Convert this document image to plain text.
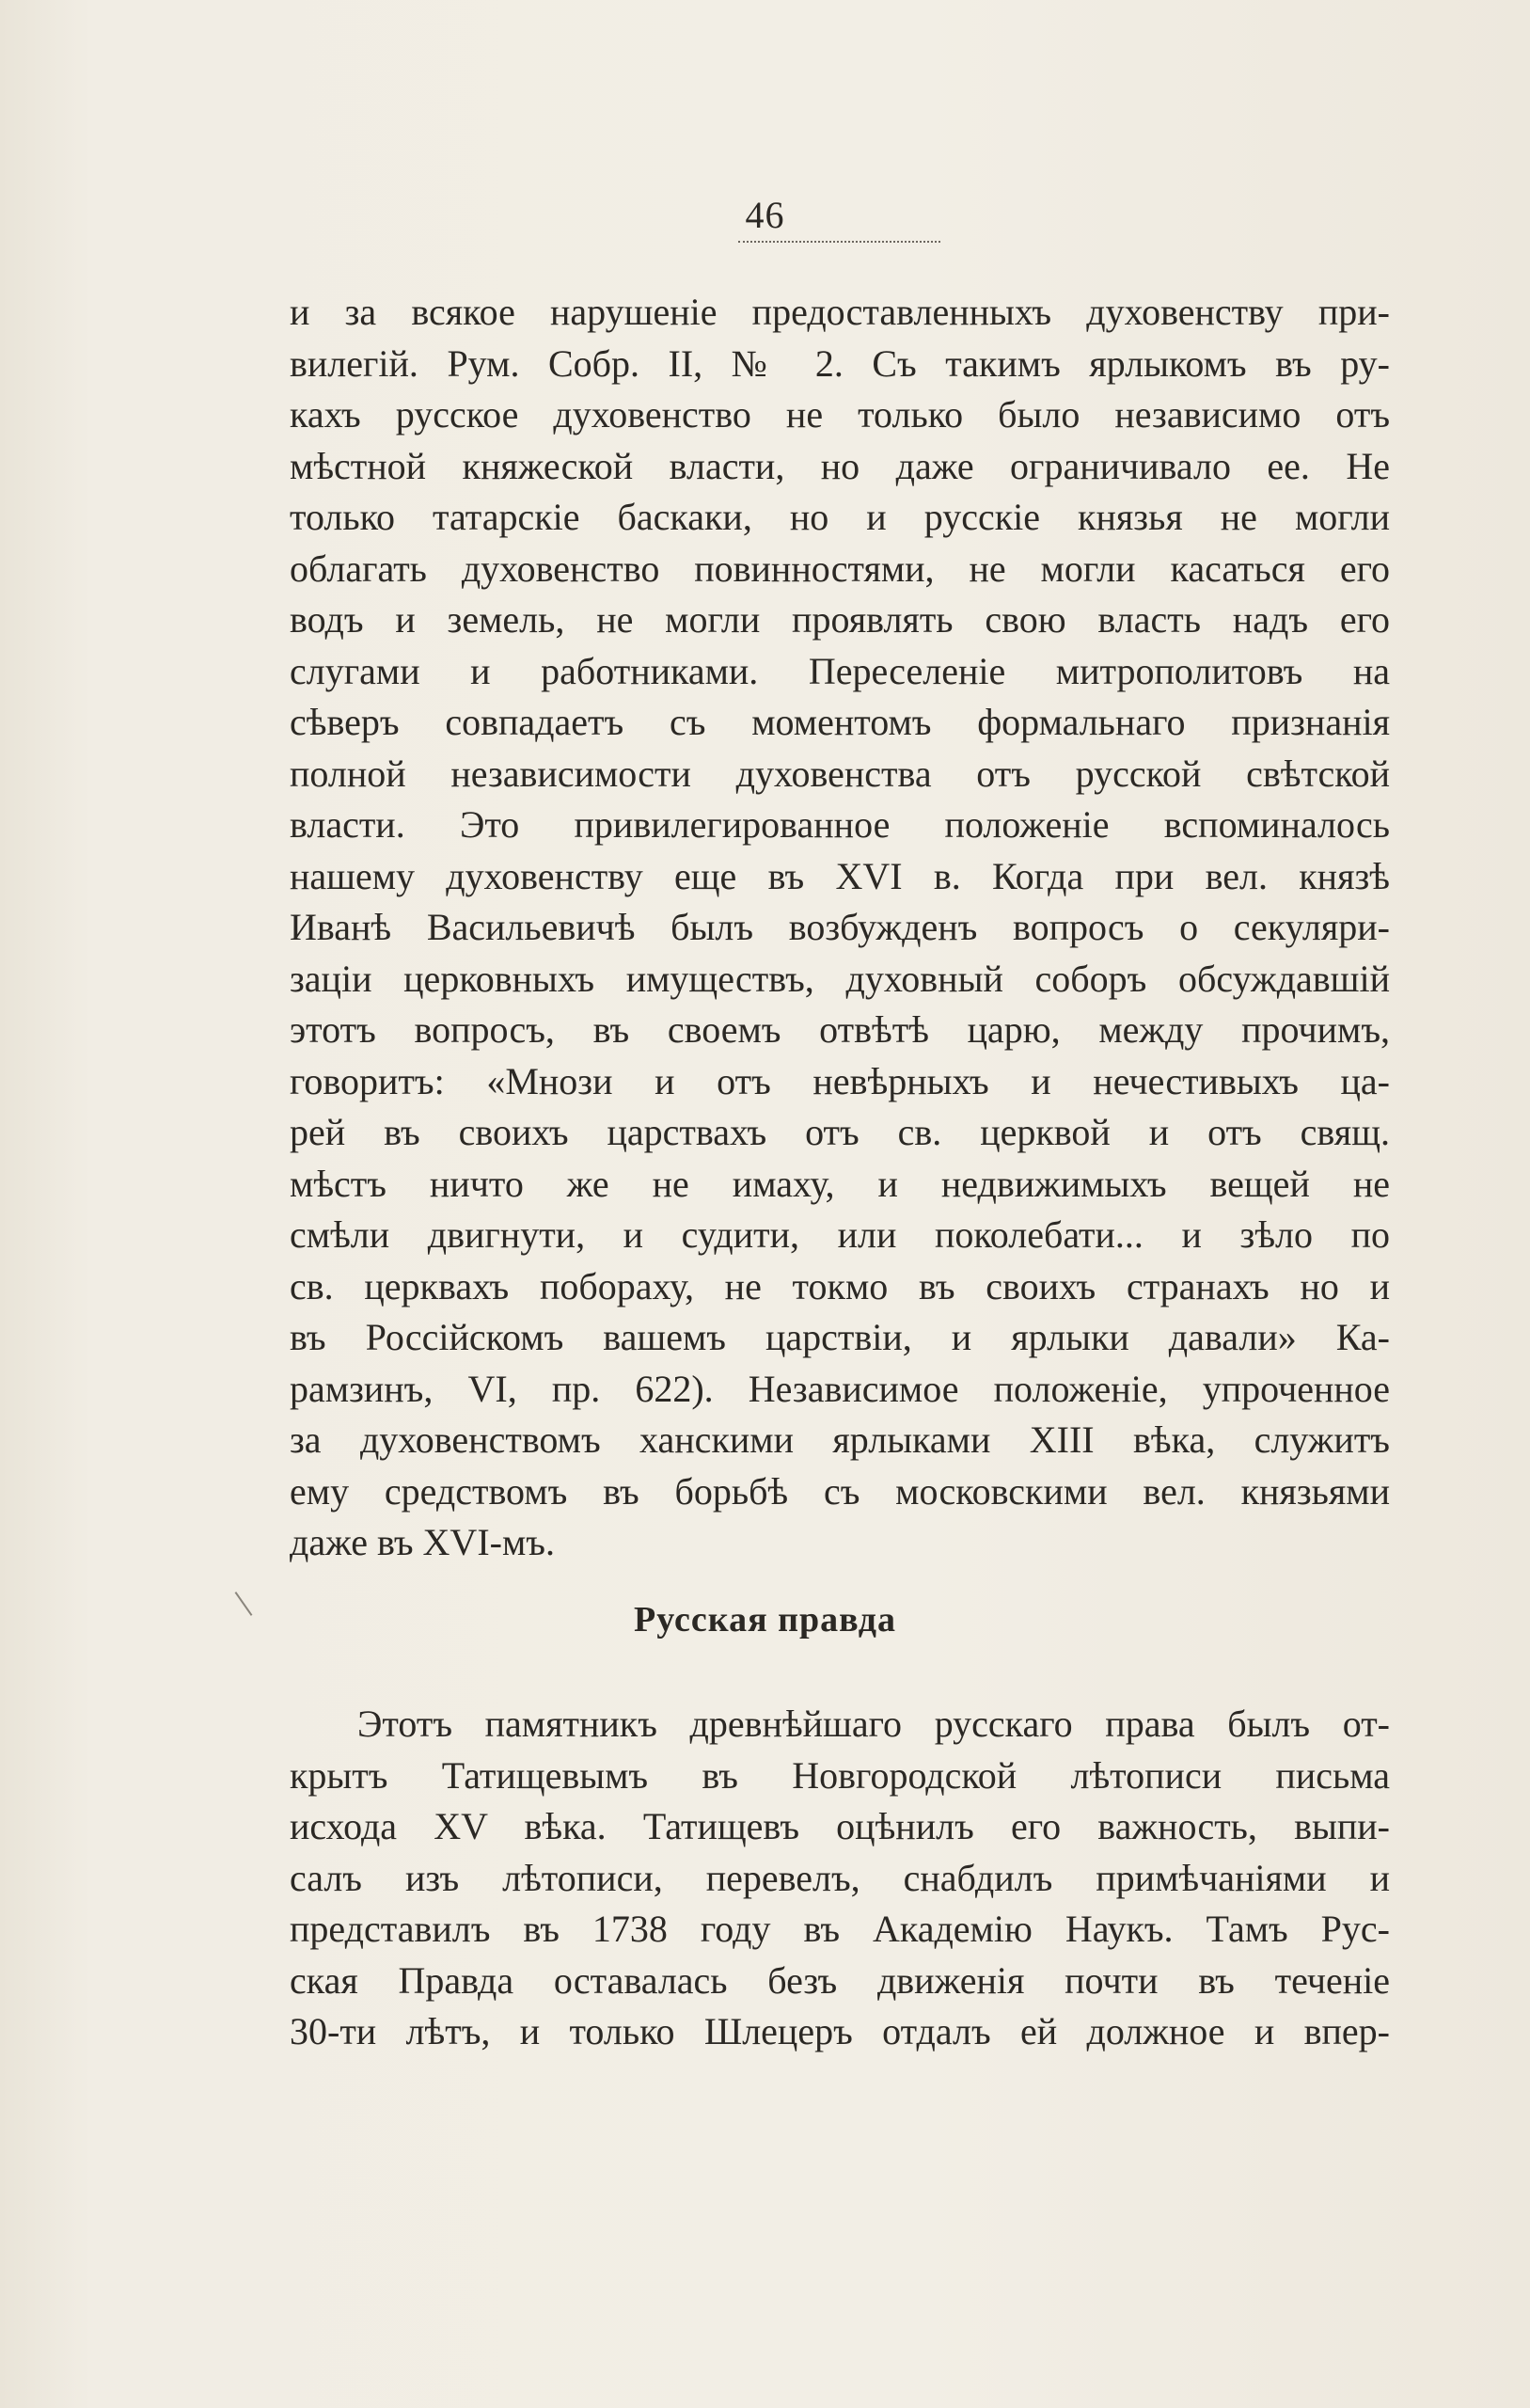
46
и за всякое нарушеніе предоставленныхъ духовенству при-
вилегій. Рум. Собр. II, № 2. Съ такимъ ярлыкомъ въ ру-
кахъ русское духовенство не только было независимо отъ
мѣстной княжеской власти, но даже ограничивало ее. Не
только татарскіе баскаки, но и русскіе князья не могли
облагать духовенство повинностями, не могли касаться его
водъ и земель, не могли проявлять свою власть надъ его
слугами и работниками. Переселеніе митрополитовъ на
сѣверъ совпадаетъ съ моментомъ формальнаго признанія
полной независимости духовенства отъ русской свѣтской
власти. Это привилегированное положеніе вспоминалось
нашему духовенству еще въ XVI в. Когда при вел. князѣ
Иванѣ Васильевичѣ былъ возбужденъ вопросъ о секуляри-
заціи церковныхъ имуществъ, духовный соборъ обсуждавшій
этотъ вопросъ, въ своемъ отвѣтѣ царю, между прочимъ,
говоритъ: «Мнози и отъ невѣрныхъ и нечестивыхъ ца-
рей въ своихъ царствахъ отъ св. церквой и отъ свящ.
мѣстъ ничто же не имаху, и недвижимыхъ вещей не
смѣли двигнути, и судити, или поколебати... и зѣло по
св. церквахъ побораху, не токмо въ своихъ странахъ но и
въ Россійскомъ вашемъ царствіи, и ярлыки давали» Ка-
рамзинъ, VI, пр. 622). Независимое положеніе, упроченное
за духовенствомъ ханскими ярлыками XIII вѣка, служитъ
ему средствомъ въ борьбѣ съ московскими вел. князьями
даже въ XVI-мъ.
Русская правда
Этотъ памятникъ древнѣйшаго русскаго права былъ от-
крытъ Татищевымъ въ Новгородской лѣтописи письма
исхода XV вѣка. Татищевъ оцѣнилъ его важность, выпи-
салъ изъ лѣтописи, перевелъ, снабдилъ примѣчаніями и
представилъ въ 1738 году въ Академію Наукъ. Тамъ Рус-
ская Правда оставалась безъ движенія почти въ теченіе
30-ти лѣтъ, и только Шлецеръ отдалъ ей должное и впер-
